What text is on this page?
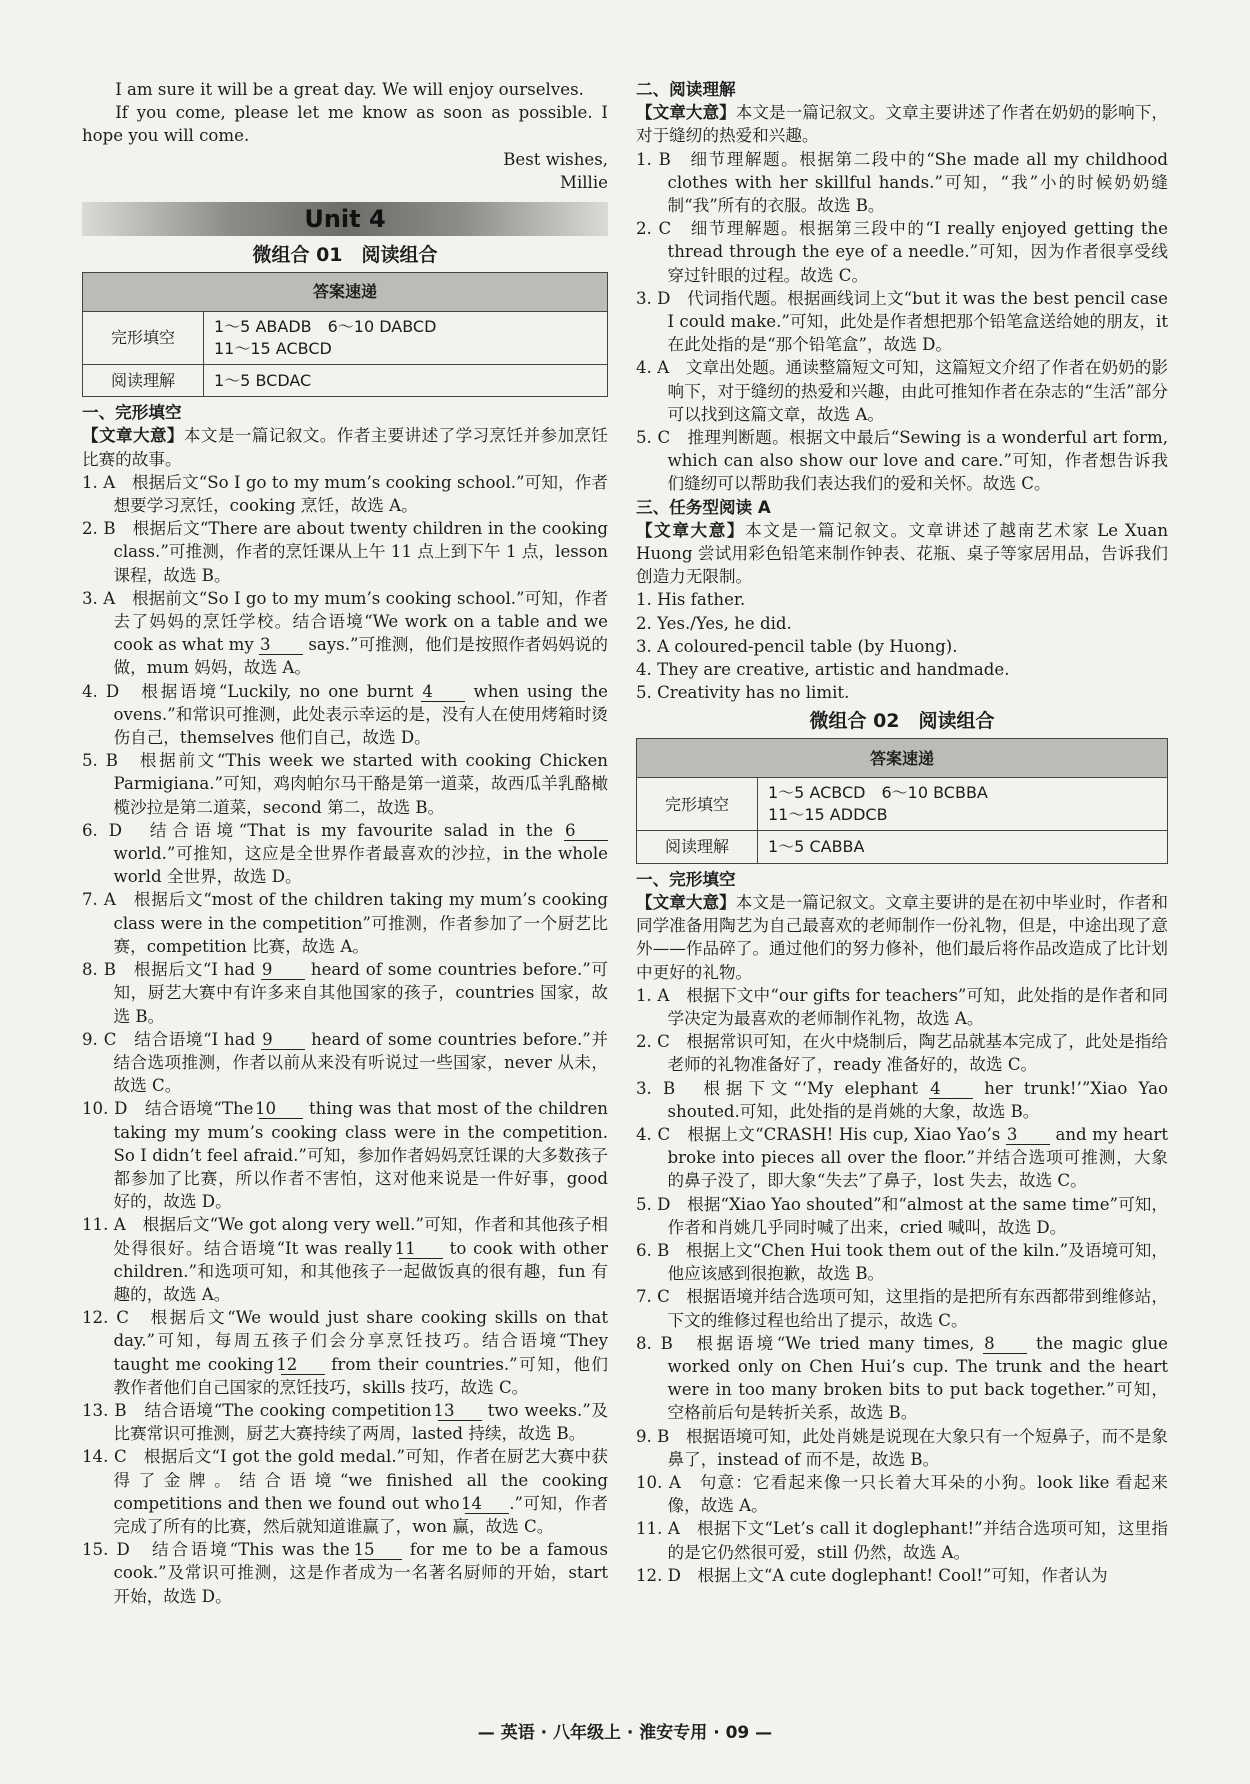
I am sure it will be a great day. We will enjoy ourselves.

If you come, please let me know as soon as possible. I hope you will come.

Best wishes,

Millie

Unit 4
微组合 01　阅读组合
答案速递	
完形填空	1～5 ABADB　6～10 DABCD
11～15 ACBCD

阅读理解	1～5 BCDAC

一、完形填空

【文章大意】本文是一篇记叙文。作者主要讲述了学习烹饪并参加烹饪比赛的故事。

1. A　根据后文“So I go to my mum’s cooking school.”可知，作者想要学习烹饪，cooking 烹饪，故选 A。

2. B　根据后文“There are about twenty children in the cooking class.”可推测，作者的烹饪课从上午 11 点上到下午 1 点，lesson 课程，故选 B。

3. A　根据前文“So I go to my mum’s cooking school.”可知，作者去了妈妈的烹饪学校。结合语境“We work on a table and we cook as what my 3 says.”可推测，他们是按照作者妈妈说的做，mum 妈妈，故选 A。

4. D　根据语境“Luckily, no one burnt 4 when using the ovens.”和常识可推测，此处表示幸运的是，没有人在使用烤箱时烫伤自己，themselves 他们自己，故选 D。

5. B　根据前文“This week we started with cooking Chicken Parmigiana.”可知，鸡肉帕尔马干酪是第一道菜，故西瓜羊乳酪橄榄沙拉是第二道菜，second 第二，故选 B。

6. D　结合语境“That is my favourite salad in the 6 world.”可推知，这应是全世界作者最喜欢的沙拉，in the whole world 全世界，故选 D。

7. A　根据后文“most of the children taking my mum’s cooking class were in the competition”可推测，作者参加了一个厨艺比赛，competition 比赛，故选 A。

8. B　根据后文“I had 9 heard of some countries before.”可知，厨艺大赛中有许多来自其他国家的孩子，countries 国家，故选 B。

9. C　结合语境“I had 9 heard of some countries before.”并结合选项推测，作者以前从来没有听说过一些国家，never 从未，故选 C。

10. D　结合语境“The 10 thing was that most of the children taking my mum’s cooking class were in the competition. So I didn’t feel afraid.”可知，参加作者妈妈烹饪课的大多数孩子都参加了比赛，所以作者不害怕，这对他来说是一件好事，good 好的，故选 D。

11. A　根据后文“We got along very well.”可知，作者和其他孩子相处得很好。结合语境“It was really 11 to cook with other children.”和选项可知，和其他孩子一起做饭真的很有趣，fun 有趣的，故选 A。

12. C　根据后文“We would just share cooking skills on that day.”可知，每周五孩子们会分享烹饪技巧。结合语境“They taught me cooking 12 from their countries.”可知，他们教作者他们自己国家的烹饪技巧，skills 技巧，故选 C。

13. B　结合语境“The cooking competition 13 two weeks.”及比赛常识可推测，厨艺大赛持续了两周，lasted 持续，故选 B。

14. C　根据后文“I got the gold medal.”可知，作者在厨艺大赛中获得了金牌。结合语境“we finished all the cooking competitions and then we found out who 14 .”可知，作者完成了所有的比赛，然后就知道谁赢了，won 赢，故选 C。

15. D　结合语境“This was the 15 for me to be a famous cook.”及常识可推测，这是作者成为一名著名厨师的开始，start 开始，故选 D。

二、阅读理解

【文章大意】本文是一篇记叙文。文章主要讲述了作者在奶奶的影响下，对于缝纫的热爱和兴趣。

1. B　细节理解题。根据第二段中的“She made all my childhood clothes with her skillful hands.”可知，“我”小的时候奶奶缝制“我”所有的衣服。故选 B。

2. C　细节理解题。根据第三段中的“I really enjoyed getting the thread through the eye of a needle.”可知，因为作者很享受线穿过针眼的过程。故选 C。

3. D　代词指代题。根据画线词上文“but it was the best pencil case I could make.”可知，此处是作者想把那个铅笔盒送给她的朋友，it 在此处指的是“那个铅笔盒”，故选 D。

4. A　文章出处题。通读整篇短文可知，这篇短文介绍了作者在奶奶的影响下，对于缝纫的热爱和兴趣，由此可推知作者在杂志的“生活”部分可以找到这篇文章，故选 A。

5. C　推理判断题。根据文中最后“Sewing is a wonderful art form, which can also show our love and care.”可知，作者想告诉我们缝纫可以帮助我们表达我们的爱和关怀。故选 C。

三、任务型阅读 A

【文章大意】本文是一篇记叙文。文章讲述了越南艺术家 Le Xuan Huong 尝试用彩色铅笔来制作钟表、花瓶、桌子等家居用品，告诉我们创造力无限制。

1. His father.

2. Yes./Yes, he did.

3. A coloured-pencil table (by Huong).

4. They are creative, artistic and handmade.

5. Creativity has no limit.

微组合 02　阅读组合
答案速递	
完形填空	1～5 ACBCD　6～10 BCBBA
11～15 ADDCB

阅读理解	1～5 CABBA

一、完形填空

【文章大意】本文是一篇记叙文。文章主要讲的是在初中毕业时，作者和同学准备用陶艺为自己最喜欢的老师制作一份礼物，但是，中途出现了意外——作品碎了。通过他们的努力修补，他们最后将作品改造成了比计划中更好的礼物。

1. A　根据下文中“our gifts for teachers”可知，此处指的是作者和同学决定为最喜欢的老师制作礼物，故选 A。

2. C　根据常识可知，在火中烧制后，陶艺品就基本完成了，此处是指给老师的礼物准备好了，ready 准备好的，故选 C。

3. B　根据下文“‘My elephant 4 her trunk!’”Xiao Yao shouted.可知，此处指的是肖姚的大象，故选 B。

4. C　根据上文“CRASH! His cup, Xiao Yao’s 3 and my heart broke into pieces all over the floor.”并结合选项可推测，大象的鼻子没了，即大象“失去”了鼻子，lost 失去，故选 C。

5. D　根据“Xiao Yao shouted”和“almost at the same time”可知，作者和肖姚几乎同时喊了出来，cried 喊叫，故选 D。

6. B　根据上文“Chen Hui took them out of the kiln.”及语境可知，他应该感到很抱歉，故选 B。

7. C　根据语境并结合选项可知，这里指的是把所有东西都带到维修站，下文的维修过程也给出了提示，故选 C。

8. B　根据语境“We tried many times, 8 the magic glue worked only on Chen Hui’s cup. The trunk and the heart were in too many broken bits to put back together.”可知，空格前后句是转折关系，故选 B。

9. B　根据语境可知，此处肖姚是说现在大象只有一个短鼻子，而不是象鼻了，instead of 而不是，故选 B。

10. A　句意：它看起来像一只长着大耳朵的小狗。look like 看起来像，故选 A。

11. A　根据下文“Let’s call it doglephant!”并结合选项可知，这里指的是它仍然很可爱，still 仍然，故选 A。

12. D　根据上文“A cute doglephant! Cool!”可知，作者认为

— 英语 · 八年级上 · 淮安专用 · 09 —
